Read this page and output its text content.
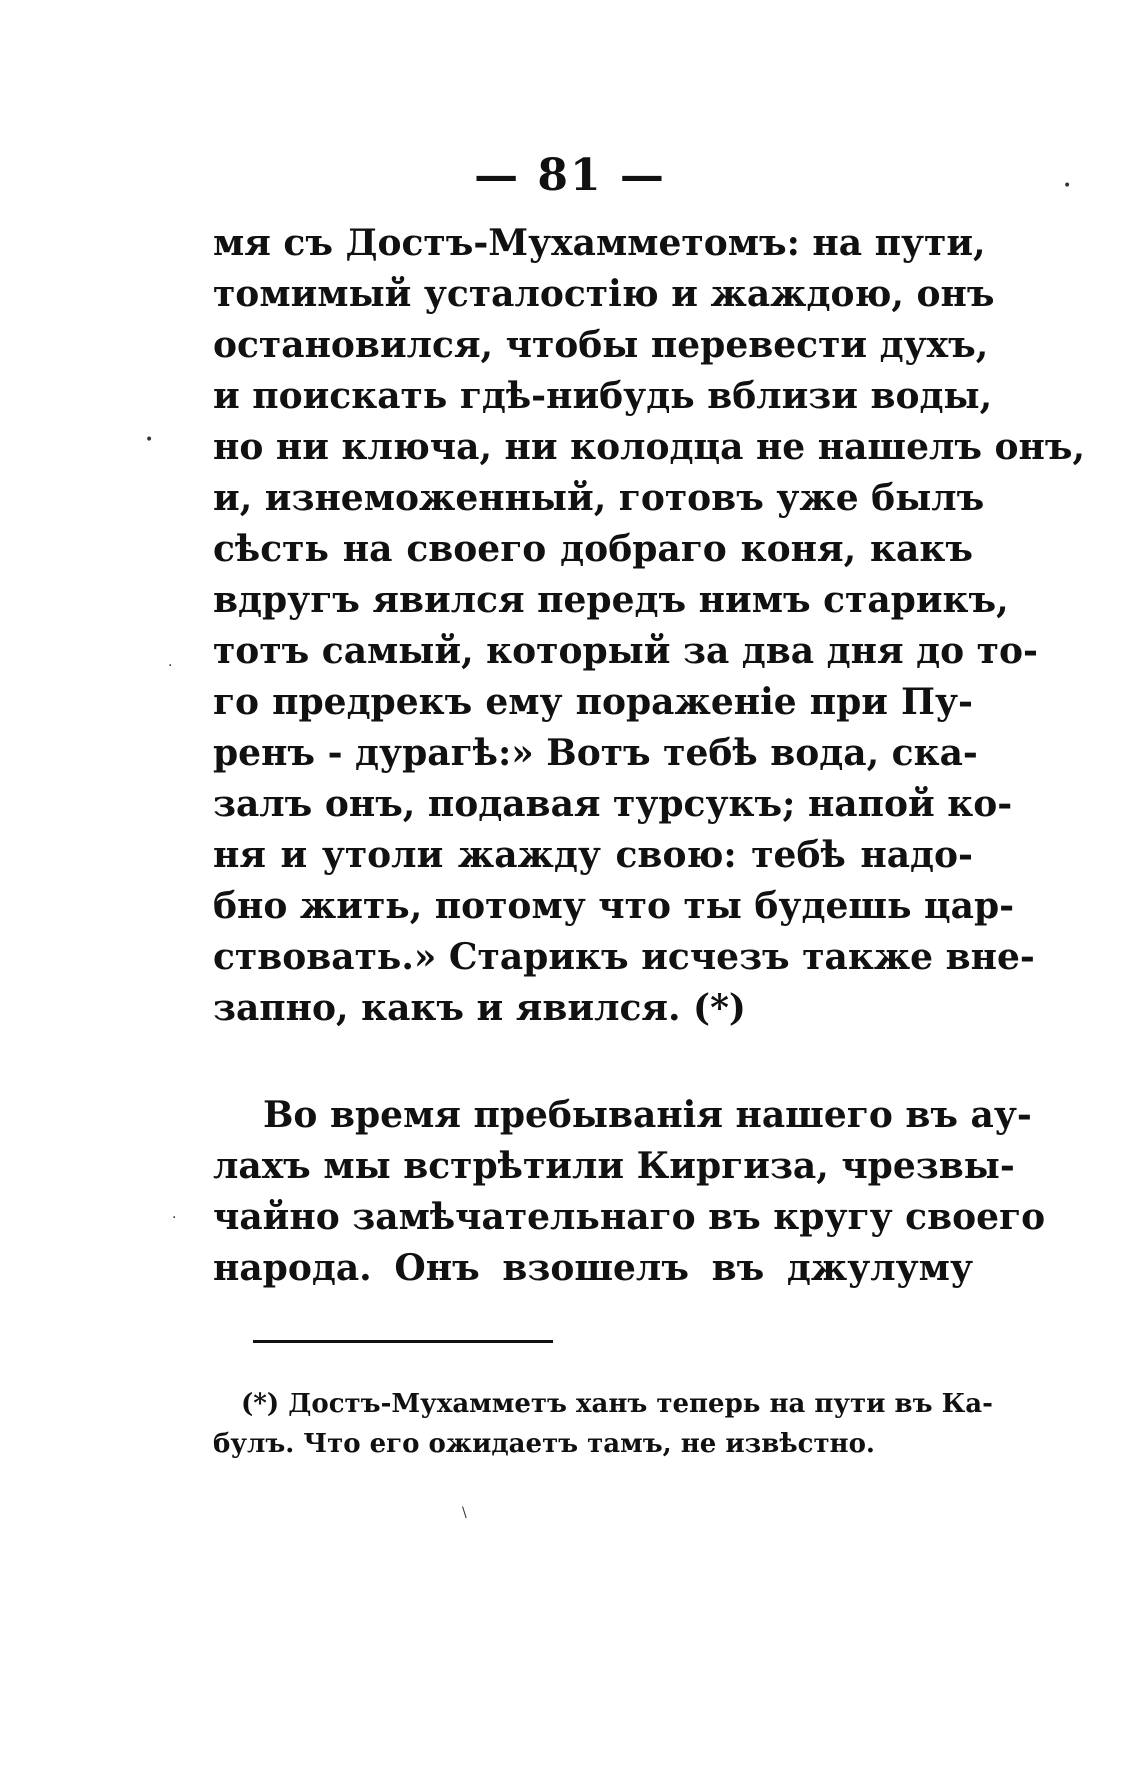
— 81 —
мя съ Достъ-Мухамметомъ: на пути,
томимый усталостію и жаждою, онъ
остановился, чтобы перевести духъ,
и поискать гдѣ-нибудь вблизи воды,
но ни ключа, ни колодца не нашелъ онъ,
и, изнеможенный, готовъ уже былъ
сѣсть на своего добраго коня, какъ
вдругъ явился передъ нимъ старикъ,
тотъ самый, который за два дня до то-
го предрекъ ему пораженіе при Пу-
ренъ - дурагѣ:» Вотъ тебѣ вода, ска-
залъ онъ, подавая турсукъ; напой ко-
ня и утоли жажду свою: тебѣ надо-
бно жить, потому что ты будешь цар-
ствовать.» Старикъ исчезъ также вне-
запно, какъ и явился. (*)
Во время пребыванія нашего въ ау-
лахъ мы встрѣтили Киргиза, чрезвы-
чайно замѣчательнаго въ кругу своего
народа. Онъ взошелъ въ джулуму
(*) Достъ-Мухамметъ ханъ теперь на пути въ Ка-
булъ. Что его ожидаетъ тамъ, не извѣстно.
•
•
·
·
\
